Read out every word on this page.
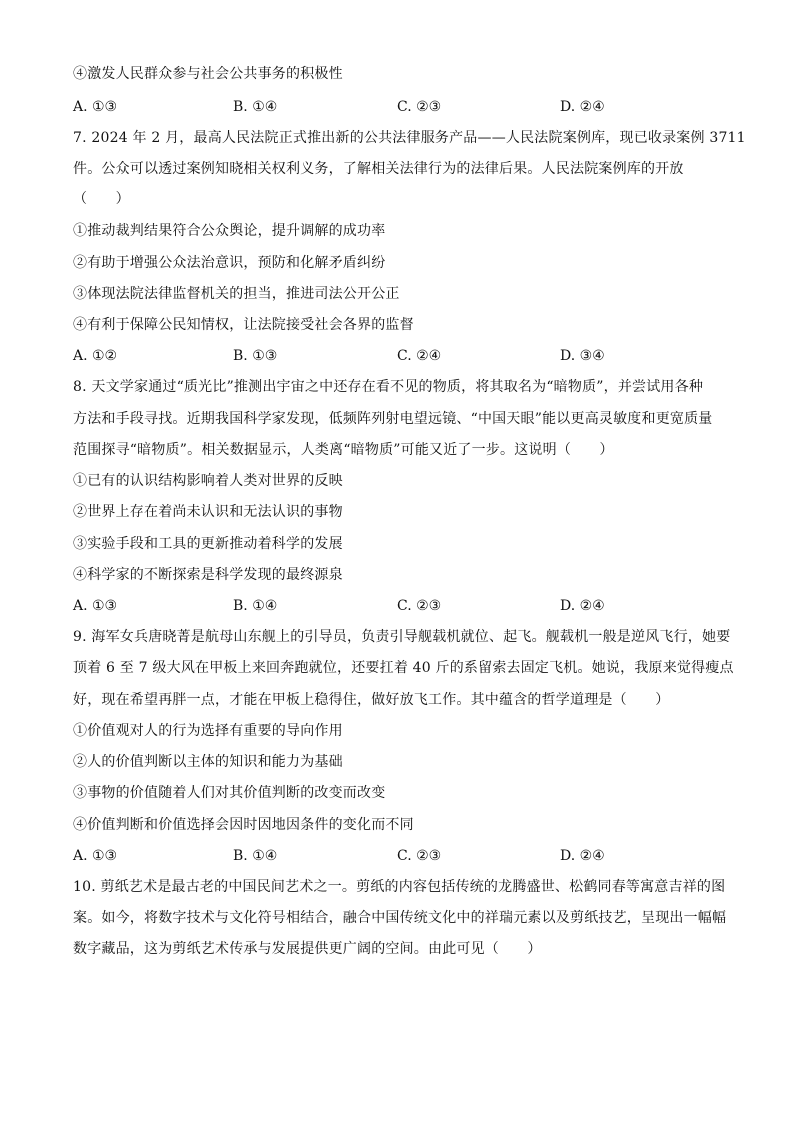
④激发人民群众参与社会公共事务的积极性
A. ①③	B. ①④	C. ②③	D. ②④
7. 2024 年 2 月，最高人民法院正式推出新的公共法律服务产品——人民法院案例库，现已收录案例 3711
件。公众可以透过案例知晓相关权利义务，了解相关法律行为的法律后果。人民法院案例库的开放
（　　）
①推动裁判结果符合公众舆论，提升调解的成功率
②有助于增强公众法治意识，预防和化解矛盾纠纷
③体现法院法律监督机关的担当，推进司法公开公正
④有利于保障公民知情权，让法院接受社会各界的监督
A. ①②	B. ①③	C. ②④	D. ③④
8. 天文学家通过“质光比”推测出宇宙之中还存在看不见的物质，将其取名为“暗物质”，并尝试用各种
方法和手段寻找。近期我国科学家发现，低频阵列射电望远镜、“中国天眼”能以更高灵敏度和更宽质量
范围探寻“暗物质”。相关数据显示，人类离“暗物质”可能又近了一步。这说明（　　）
①已有的认识结构影响着人类对世界的反映
②世界上存在着尚未认识和无法认识的事物
③实验手段和工具的更新推动着科学的发展
④科学家的不断探索是科学发现的最终源泉
A. ①③	B. ①④	C. ②③	D. ②④
9. 海军女兵唐晓菁是航母山东舰上的引导员，负责引导舰载机就位、起飞。舰载机一般是逆风飞行，她要
顶着 6 至 7 级大风在甲板上来回奔跑就位，还要扛着 40 斤的系留索去固定飞机。她说，我原来觉得瘦点
好，现在希望再胖一点，才能在甲板上稳得住，做好放飞工作。其中蕴含的哲学道理是（　　）
①价值观对人的行为选择有重要的导向作用
②人的价值判断以主体的知识和能力为基础
③事物的价值随着人们对其价值判断的改变而改变
④价值判断和价值选择会因时因地因条件的变化而不同
A. ①③	B. ①④	C. ②③	D. ②④
10. 剪纸艺术是最古老的中国民间艺术之一。剪纸的内容包括传统的龙腾盛世、松鹤同春等寓意吉祥的图
案。如今，将数字技术与文化符号相结合，融合中国传统文化中的祥瑞元素以及剪纸技艺，呈现出一幅幅
数字藏品，这为剪纸艺术传承与发展提供更广阔的空间。由此可见（　　）
